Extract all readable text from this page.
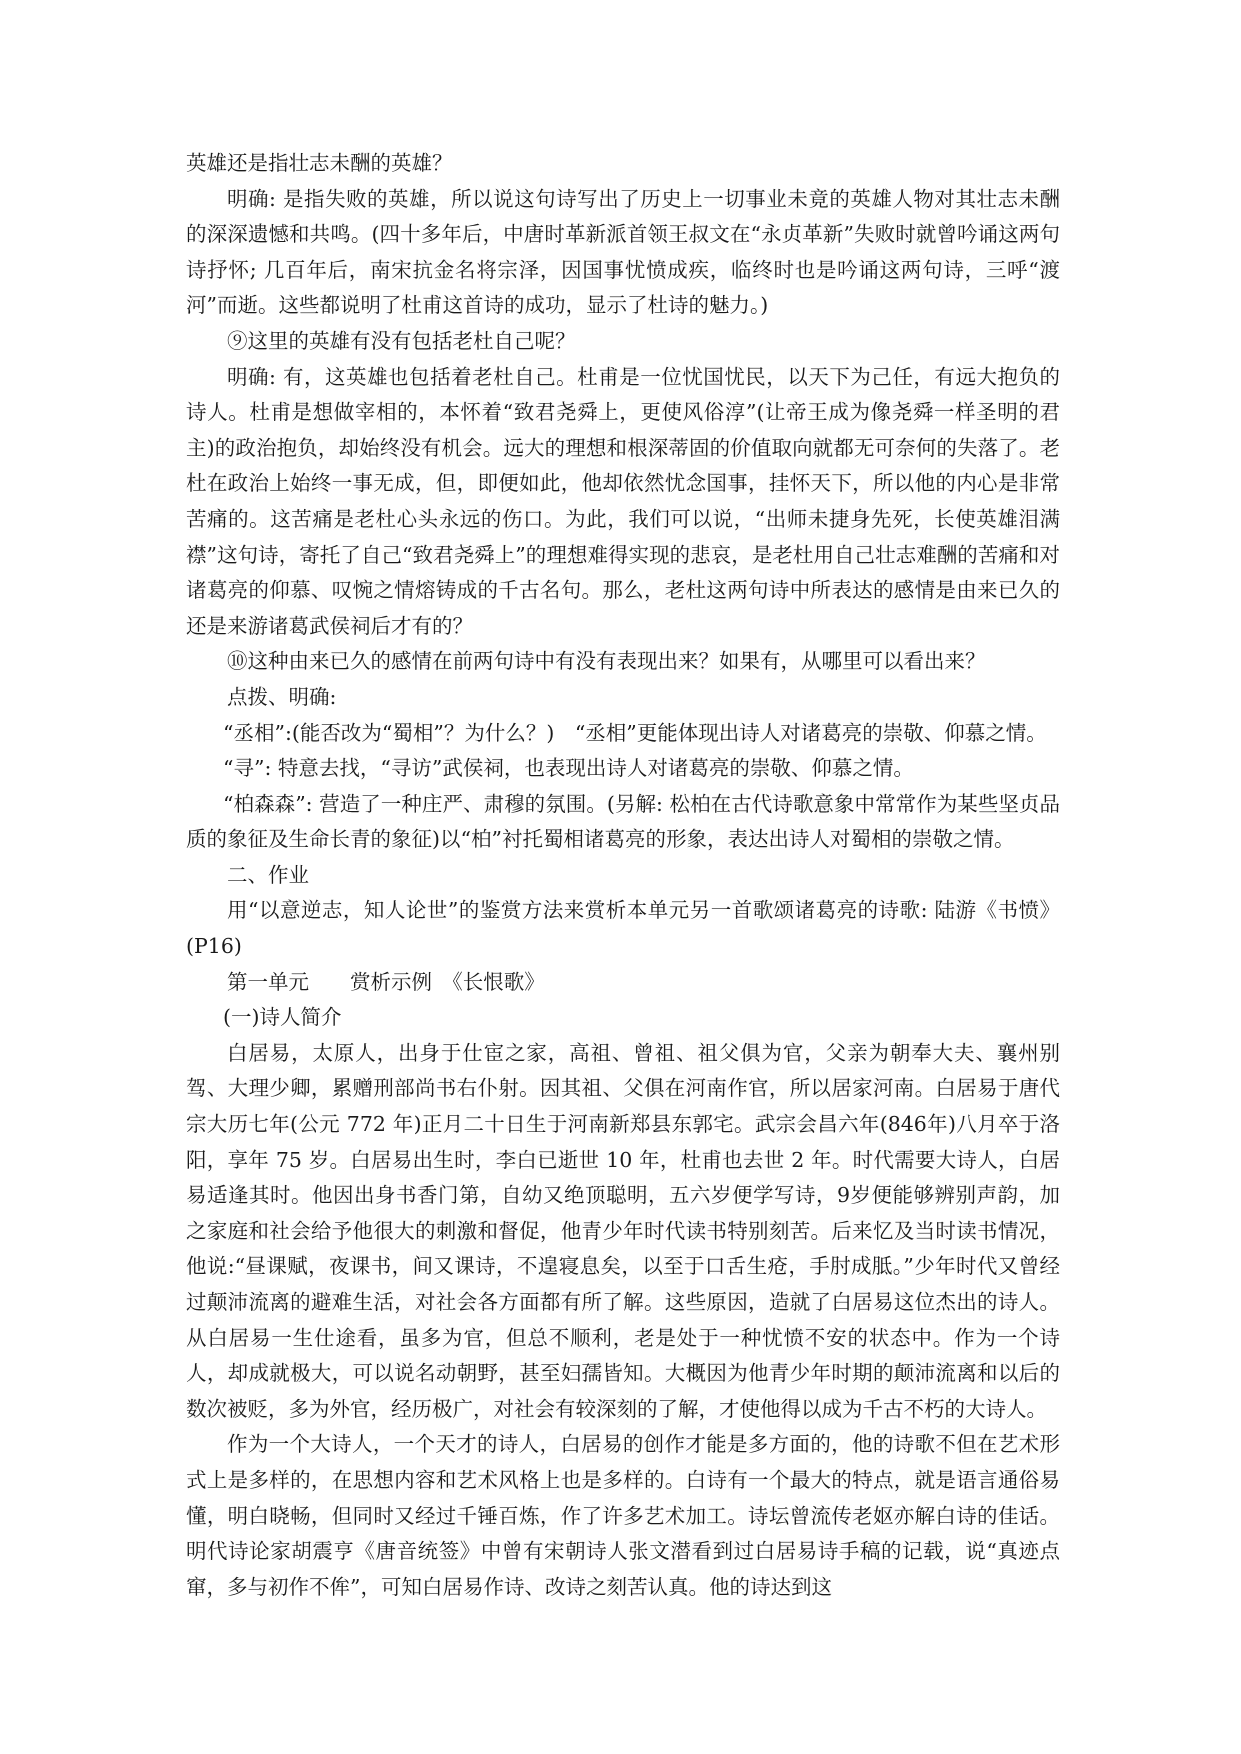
英雄还是指壮志未酬的英雄？

明确: 是指失败的英雄，所以说这句诗写出了历史上一切事业未竟的英雄人物对其壮志未酬的深深遗憾和共鸣。(四十多年后，中唐时革新派首领王叔文在“永贞革新”失败时就曾吟诵这两句诗抒怀; 几百年后，南宋抗金名将宗泽，因国事忧愤成疾，临终时也是吟诵这两句诗，三呼“渡河”而逝。这些都说明了杜甫这首诗的成功，显示了杜诗的魅力。)

⑨这里的英雄有没有包括老杜自己呢？

明确: 有，这英雄也包括着老杜自己。杜甫是一位忧国忧民，以天下为己任，有远大抱负的诗人。杜甫是想做宰相的，本怀着“致君尧舜上，更使风俗淳”(让帝王成为像尧舜一样圣明的君主)的政治抱负，却始终没有机会。远大的理想和根深蒂固的价值取向就都无可奈何的失落了。老杜在政治上始终一事无成，但，即便如此，他却依然忧念国事，挂怀天下，所以他的内心是非常苦痛的。这苦痛是老杜心头永远的伤口。为此，我们可以说，“出师未捷身先死，长使英雄泪满襟”这句诗，寄托了自己“致君尧舜上”的理想难得实现的悲哀，是老杜用自己壮志难酬的苦痛和对诸葛亮的仰慕、叹惋之情熔铸成的千古名句。那么，老杜这两句诗中所表达的感情是由来已久的还是来游诸葛武侯祠后才有的？

⑩这种由来已久的感情在前两句诗中有没有表现出来？如果有，从哪里可以看出来？

点拨、明确:

“丞相”:(能否改为“蜀相”？为什么？)　“丞相”更能体现出诗人对诸葛亮的崇敬、仰慕之情。

“寻”: 特意去找，“寻访”武侯祠，也表现出诗人对诸葛亮的崇敬、仰慕之情。

“柏森森”: 营造了一种庄严、肃穆的氛围。(另解: 松柏在古代诗歌意象中常常作为某些坚贞品质的象征及生命长青的象征)以“柏”衬托蜀相诸葛亮的形象，表达出诗人对蜀相的崇敬之情。

二、作业

用“以意逆志，知人论世”的鉴赏方法来赏析本单元另一首歌颂诸葛亮的诗歌: 陆游《书愤》(P16)

第一单元　　赏析示例　《长恨歌》

(一)诗人简介

白居易，太原人，出身于仕宦之家，高祖、曾祖、祖父俱为官，父亲为朝奉大夫、襄州别驾、大理少卿，累赠刑部尚书右仆射。因其祖、父俱在河南作官，所以居家河南。白居易于唐代宗大历七年(公元 772 年)正月二十日生于河南新郑县东郭宅。武宗会昌六年(846年)八月卒于洛阳，享年 75 岁。白居易出生时，李白已逝世 10 年，杜甫也去世 2 年。时代需要大诗人，白居易适逢其时。他因出身书香门第，自幼又绝顶聪明，五六岁便学写诗，9岁便能够辨别声韵，加之家庭和社会给予他很大的刺激和督促，他青少年时代读书特别刻苦。后来忆及当时读书情况，他说:“昼课赋，夜课书，间又课诗，不遑寝息矣，以至于口舌生疮，手肘成胝。”少年时代又曾经过颠沛流离的避难生活，对社会各方面都有所了解。这些原因，造就了白居易这位杰出的诗人。从白居易一生仕途看，虽多为官，但总不顺利，老是处于一种忧愤不安的状态中。作为一个诗人，却成就极大，可以说名动朝野，甚至妇孺皆知。大概因为他青少年时期的颠沛流离和以后的数次被贬，多为外官，经历极广，对社会有较深刻的了解，才使他得以成为千古不朽的大诗人。

作为一个大诗人，一个天才的诗人，白居易的创作才能是多方面的，他的诗歌不但在艺术形式上是多样的，在思想内容和艺术风格上也是多样的。白诗有一个最大的特点，就是语言通俗易懂，明白晓畅，但同时又经过千锤百炼，作了许多艺术加工。诗坛曾流传老妪亦解白诗的佳话。明代诗论家胡震亨《唐音统签》中曾有宋朝诗人张文潜看到过白居易诗手稿的记载，说“真迹点窜，多与初作不侔”，可知白居易作诗、改诗之刻苦认真。他的诗达到这
